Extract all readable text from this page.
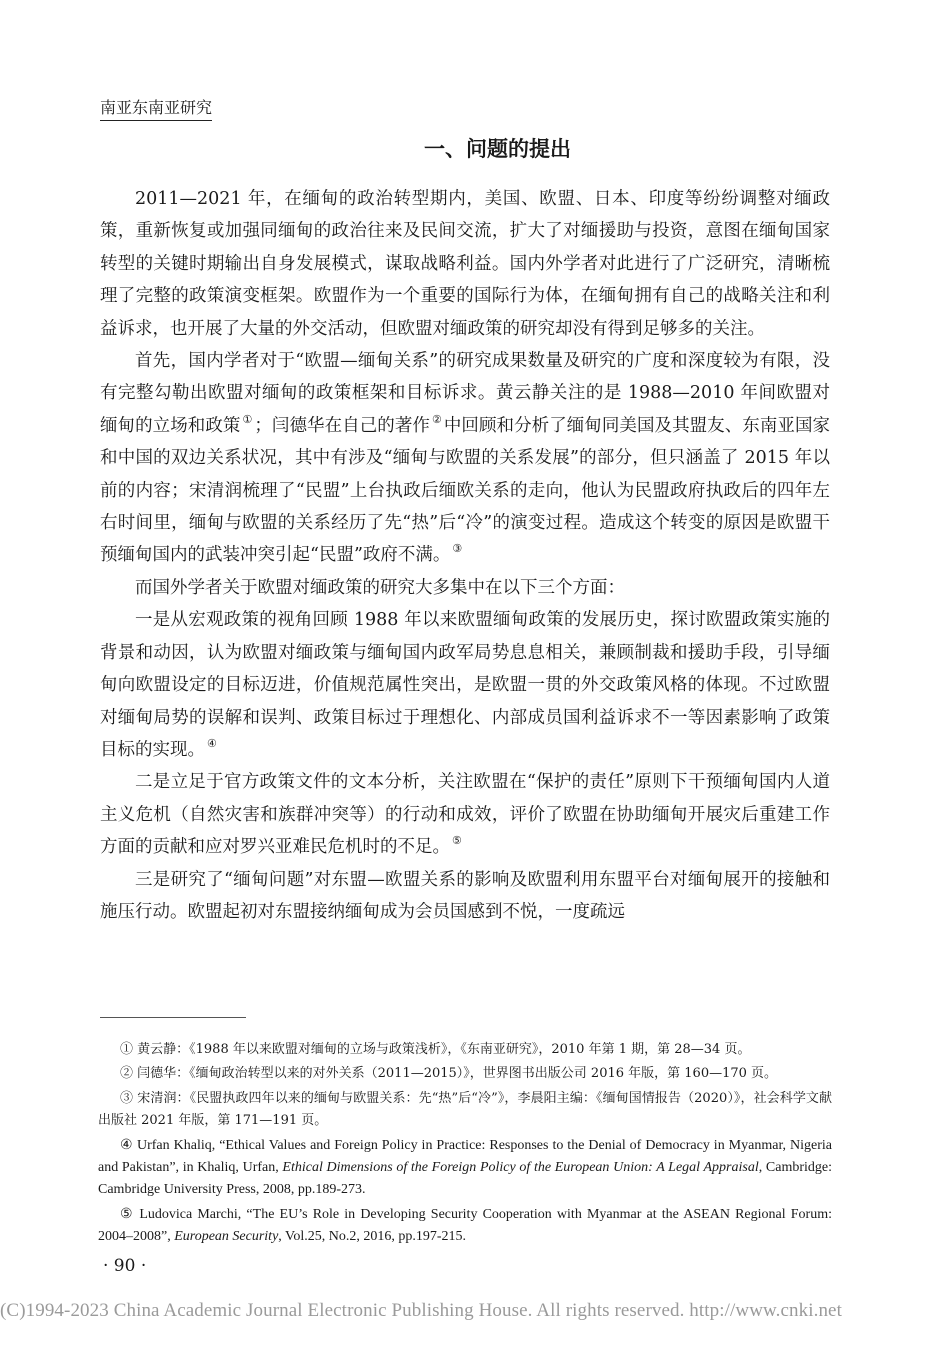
南亚东南亚研究
一、问题的提出

2011—2021 年，在缅甸的政治转型期内，美国、欧盟、日本、印度等纷纷调整对缅政策，重新恢复或加强同缅甸的政治往来及民间交流，扩大了对缅援助与投资，意图在缅甸国家转型的关键时期输出自身发展模式，谋取战略利益。国内外学者对此进行了广泛研究，清晰梳理了完整的政策演变框架。欧盟作为一个重要的国际行为体，在缅甸拥有自己的战略关注和利益诉求，也开展了大量的外交活动，但欧盟对缅政策的研究却没有得到足够多的关注。

首先，国内学者对于“欧盟—缅甸关系”的研究成果数量及研究的广度和深度较为有限，没有完整勾勒出欧盟对缅甸的政策框架和目标诉求。黄云静关注的是 1988—2010 年间欧盟对缅甸的立场和政策 ① ；闫德华在自己的著作 ② 中回顾和分析了缅甸同美国及其盟友、东南亚国家和中国的双边关系状况，其中有涉及“缅甸与欧盟的关系发展”的部分，但只涵盖了 2015 年以前的内容；宋清润梳理了“民盟”上台执政后缅欧关系的走向，他认为民盟政府执政后的四年左右时间里，缅甸与欧盟的关系经历了先“热”后“冷”的演变过程。造成这个转变的原因是欧盟干预缅甸国内的武装冲突引起“民盟”政府不满。 ③

而国外学者关于欧盟对缅政策的研究大多集中在以下三个方面：

一是从宏观政策的视角回顾 1988 年以来欧盟缅甸政策的发展历史，探讨欧盟政策实施的背景和动因，认为欧盟对缅政策与缅甸国内政军局势息息相关，兼顾制裁和援助手段，引导缅甸向欧盟设定的目标迈进，价值规范属性突出，是欧盟一贯的外交政策风格的体现。不过欧盟对缅甸局势的误解和误判、政策目标过于理想化、内部成员国利益诉求不一等因素影响了政策目标的实现。 ④

二是立足于官方政策文件的文本分析，关注欧盟在“保护的责任”原则下干预缅甸国内人道主义危机（自然灾害和族群冲突等）的行动和成效，评价了欧盟在协助缅甸开展灾后重建工作方面的贡献和应对罗兴亚难民危机时的不足。 ⑤

三是研究了“缅甸问题”对东盟—欧盟关系的影响及欧盟利用东盟平台对缅甸展开的接触和施压行动。欧盟起初对东盟接纳缅甸成为会员国感到不悦，一度疏远

① 黄云静：《1988 年以来欧盟对缅甸的立场与政策浅析》，《东南亚研究》，2010 年第 1 期，第 28—34 页。
② 闫德华：《缅甸政治转型以来的对外关系（2011—2015）》，世界图书出版公司 2016 年版，第 160—170 页。
③ 宋清润：《民盟执政四年以来的缅甸与欧盟关系：先“热”后“冷”》，李晨阳主编：《缅甸国情报告（2020）》，社会科学文献出版社 2021 年版，第 171—191 页。
④ Urfan Khaliq, “Ethical Values and Foreign Policy in Practice: Responses to the Denial of Democracy in Myanmar, Nigeria and Pakistan”, in Khaliq, Urfan, Ethical Dimensions of the Foreign Policy of the European Union: A Legal Appraisal, Cambridge: Cambridge University Press, 2008, pp.189-273.
⑤ Ludovica Marchi, “The EU’s Role in Developing Security Cooperation with Myanmar at the ASEAN Regional Forum: 2004–2008”, European Security, Vol.25, No.2, 2016, pp.197-215.
· 90 ·
(C)1994-2023 China Academic Journal Electronic Publishing House. All rights reserved. http://www.cnki.net
